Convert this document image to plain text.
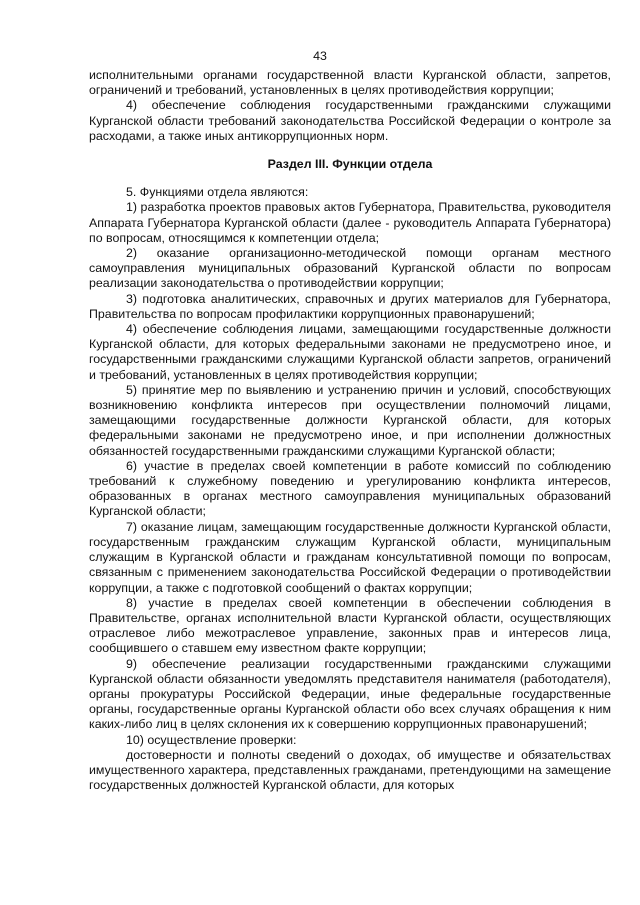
43

исполнительными органами государственной власти Курганской области, запретов, ограничений и требований, установленных в целях противодействия коррупции;

4) обеспечение соблюдения государственными гражданскими служащими Курганской области требований законодательства Российской Федерации о контроле за расходами, а также иных антикоррупционных норм.

Раздел III. Функции отдела

5. Функциями отдела являются:

1) разработка проектов правовых актов Губернатора, Правительства, руководителя Аппарата Губернатора Курганской области (далее - руководитель Аппарата Губернатора) по вопросам, относящимся к компетенции отдела;

2) оказание организационно-методической помощи органам местного самоуправления муниципальных образований Курганской области по вопросам реализации законодательства о противодействии коррупции;

3) подготовка аналитических, справочных и других материалов для Губернатора, Правительства по вопросам профилактики коррупционных правонарушений;

4) обеспечение соблюдения лицами, замещающими государственные должности Курганской области, для которых федеральными законами не предусмотрено иное, и государственными гражданскими служащими Курганской области запретов, ограничений и требований, установленных в целях противодействия коррупции;

5) принятие мер по выявлению и устранению причин и условий, способствующих возникновению конфликта интересов при осуществлении полномочий лицами, замещающими государственные должности Курганской области, для которых федеральными законами не предусмотрено иное, и при исполнении должностных обязанностей государственными гражданскими служащими Курганской области;

6) участие в пределах своей компетенции в работе комиссий по соблюдению требований к служебному поведению и урегулированию конфликта интересов, образованных в органах местного самоуправления муниципальных образований Курганской области;

7) оказание лицам, замещающим государственные должности Курганской области, государственным гражданским служащим Курганской области, муниципальным служащим в Курганской области и гражданам консультативной помощи по вопросам, связанным с применением законодательства Российской Федерации о противодействии коррупции, а также с подготовкой сообщений о фактах коррупции;

8) участие в пределах своей компетенции в обеспечении соблюдения в Правительстве, органах исполнительной власти Курганской области, осуществляющих отраслевое либо межотраслевое управление, законных прав и интересов лица, сообщившего о ставшем ему известном факте коррупции;

9) обеспечение реализации государственными гражданскими служащими Курганской области обязанности уведомлять представителя нанимателя (работодателя), органы прокуратуры Российской Федерации, иные федеральные государственные органы, государственные органы Курганской области обо всех случаях обращения к ним каких-либо лиц в целях склонения их к совершению коррупционных правонарушений;

10) осуществление проверки:

достоверности и полноты сведений о доходах, об имуществе и обязательствах имущественного характера, представленных гражданами, претендующими на замещение государственных должностей Курганской области, для которых
